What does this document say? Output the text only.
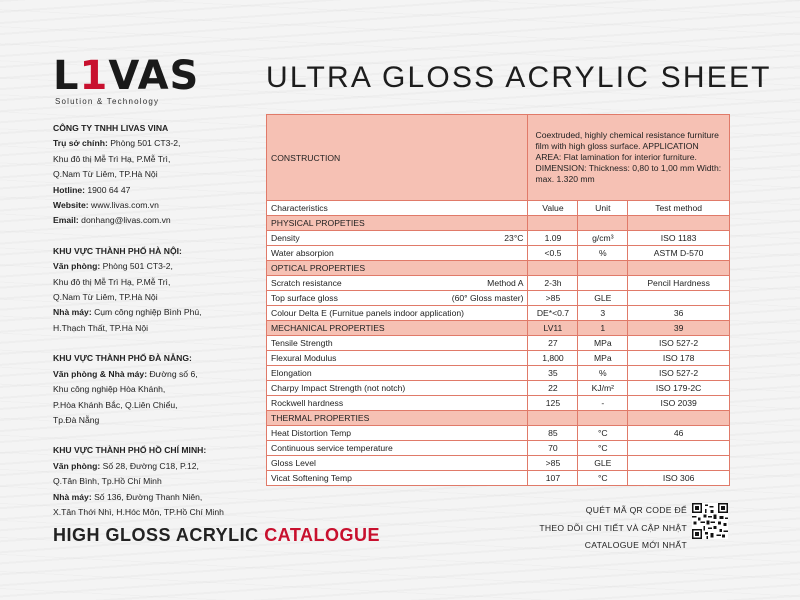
L1VAS
Solution & Technology
ULTRA GLOSS ACRYLIC SHEET
CÔNG TY TNHH LIVAS VINA
Trụ sở chính: Phòng 501 CT3-2,
Khu đô thị Mễ Trì Hạ, P.Mễ Trì,
Q.Nam Từ Liêm, TP.Hà Nội
Hotline: 1900 64 47
Website: www.livas.com.vn
Email: donhang@livas.com.vn
KHU VỰC THÀNH PHỐ HÀ NỘI:
Văn phòng: Phòng 501 CT3-2,
Khu đô thị Mễ Trì Hạ, P.Mễ Trì,
Q.Nam Từ Liêm, TP.Hà Nội
Nhà máy: Cụm công nghiệp Bình Phú,
H.Thạch Thất, TP.Hà Nội
KHU VỰC THÀNH PHỐ ĐÀ NẴNG:
Văn phòng & Nhà máy: Đường số 6,
Khu công nghiệp Hòa Khánh,
P.Hòa Khánh Bắc, Q.Liên Chiểu,
Tp.Đà Nẵng
KHU VỰC THÀNH PHỐ HỒ CHÍ MINH:
Văn phòng: Số 28, Đường C18, P.12,
Q.Tân Bình, Tp.Hồ Chí Minh
Nhà máy: Số 136, Đường Thanh Niên,
X.Tân Thới Nhì, H.Hóc Môn, TP.Hồ Chí Minh
CONSTRUCTION	Coextruded, highly chemical resistance furniture film with high gloss surface. APPLICATION AREA: Flat lamination for interior furniture. DIMENSION: Thickness: 0,80 to 1,00 mm Width: max. 1.320 mm		
Characteristics	Value	Unit	Test method
PHYSICAL PROPETIES			

Density 23°C	1.09	g/cm³	ISO 1183

Water absorpion	<0.5	%	ASTM D-570
OPTICAL PROPERTIES			

Scratch resistance Method A	2-3h		Pencil Hardness

Top surface gloss (60° Gloss master)	>85	GLE	

Colour Delta E (Furnitue panels indoor application)	DE*<0.7	3	36
MECHANICAL PROPERTIES	LV11	1	39

Tensile Strength	27	MPa	ISO 527-2

Flexural Modulus	1,800	MPa	ISO 178

Elongation	35	%	ISO 527-2

Charpy Impact Strength (not notch)	22	KJ/m²	ISO 179-2C

Rockwell hardness	125	-	ISO 2039
THERMAL PROPERTIES			

Heat Distortion Temp	85	°C	46

Continuous service temperature	70	°C	

Gloss Level	>85	GLE	

Vicat Softening Temp	107	°C	ISO 306
HIGH GLOSS ACRYLIC CATALOGUE
QUÉT MÃ QR CODE ĐỂ
THEO DÕI CHI TIẾT VÀ CẬP NHẬT
CATALOGUE MỚI NHẤT
